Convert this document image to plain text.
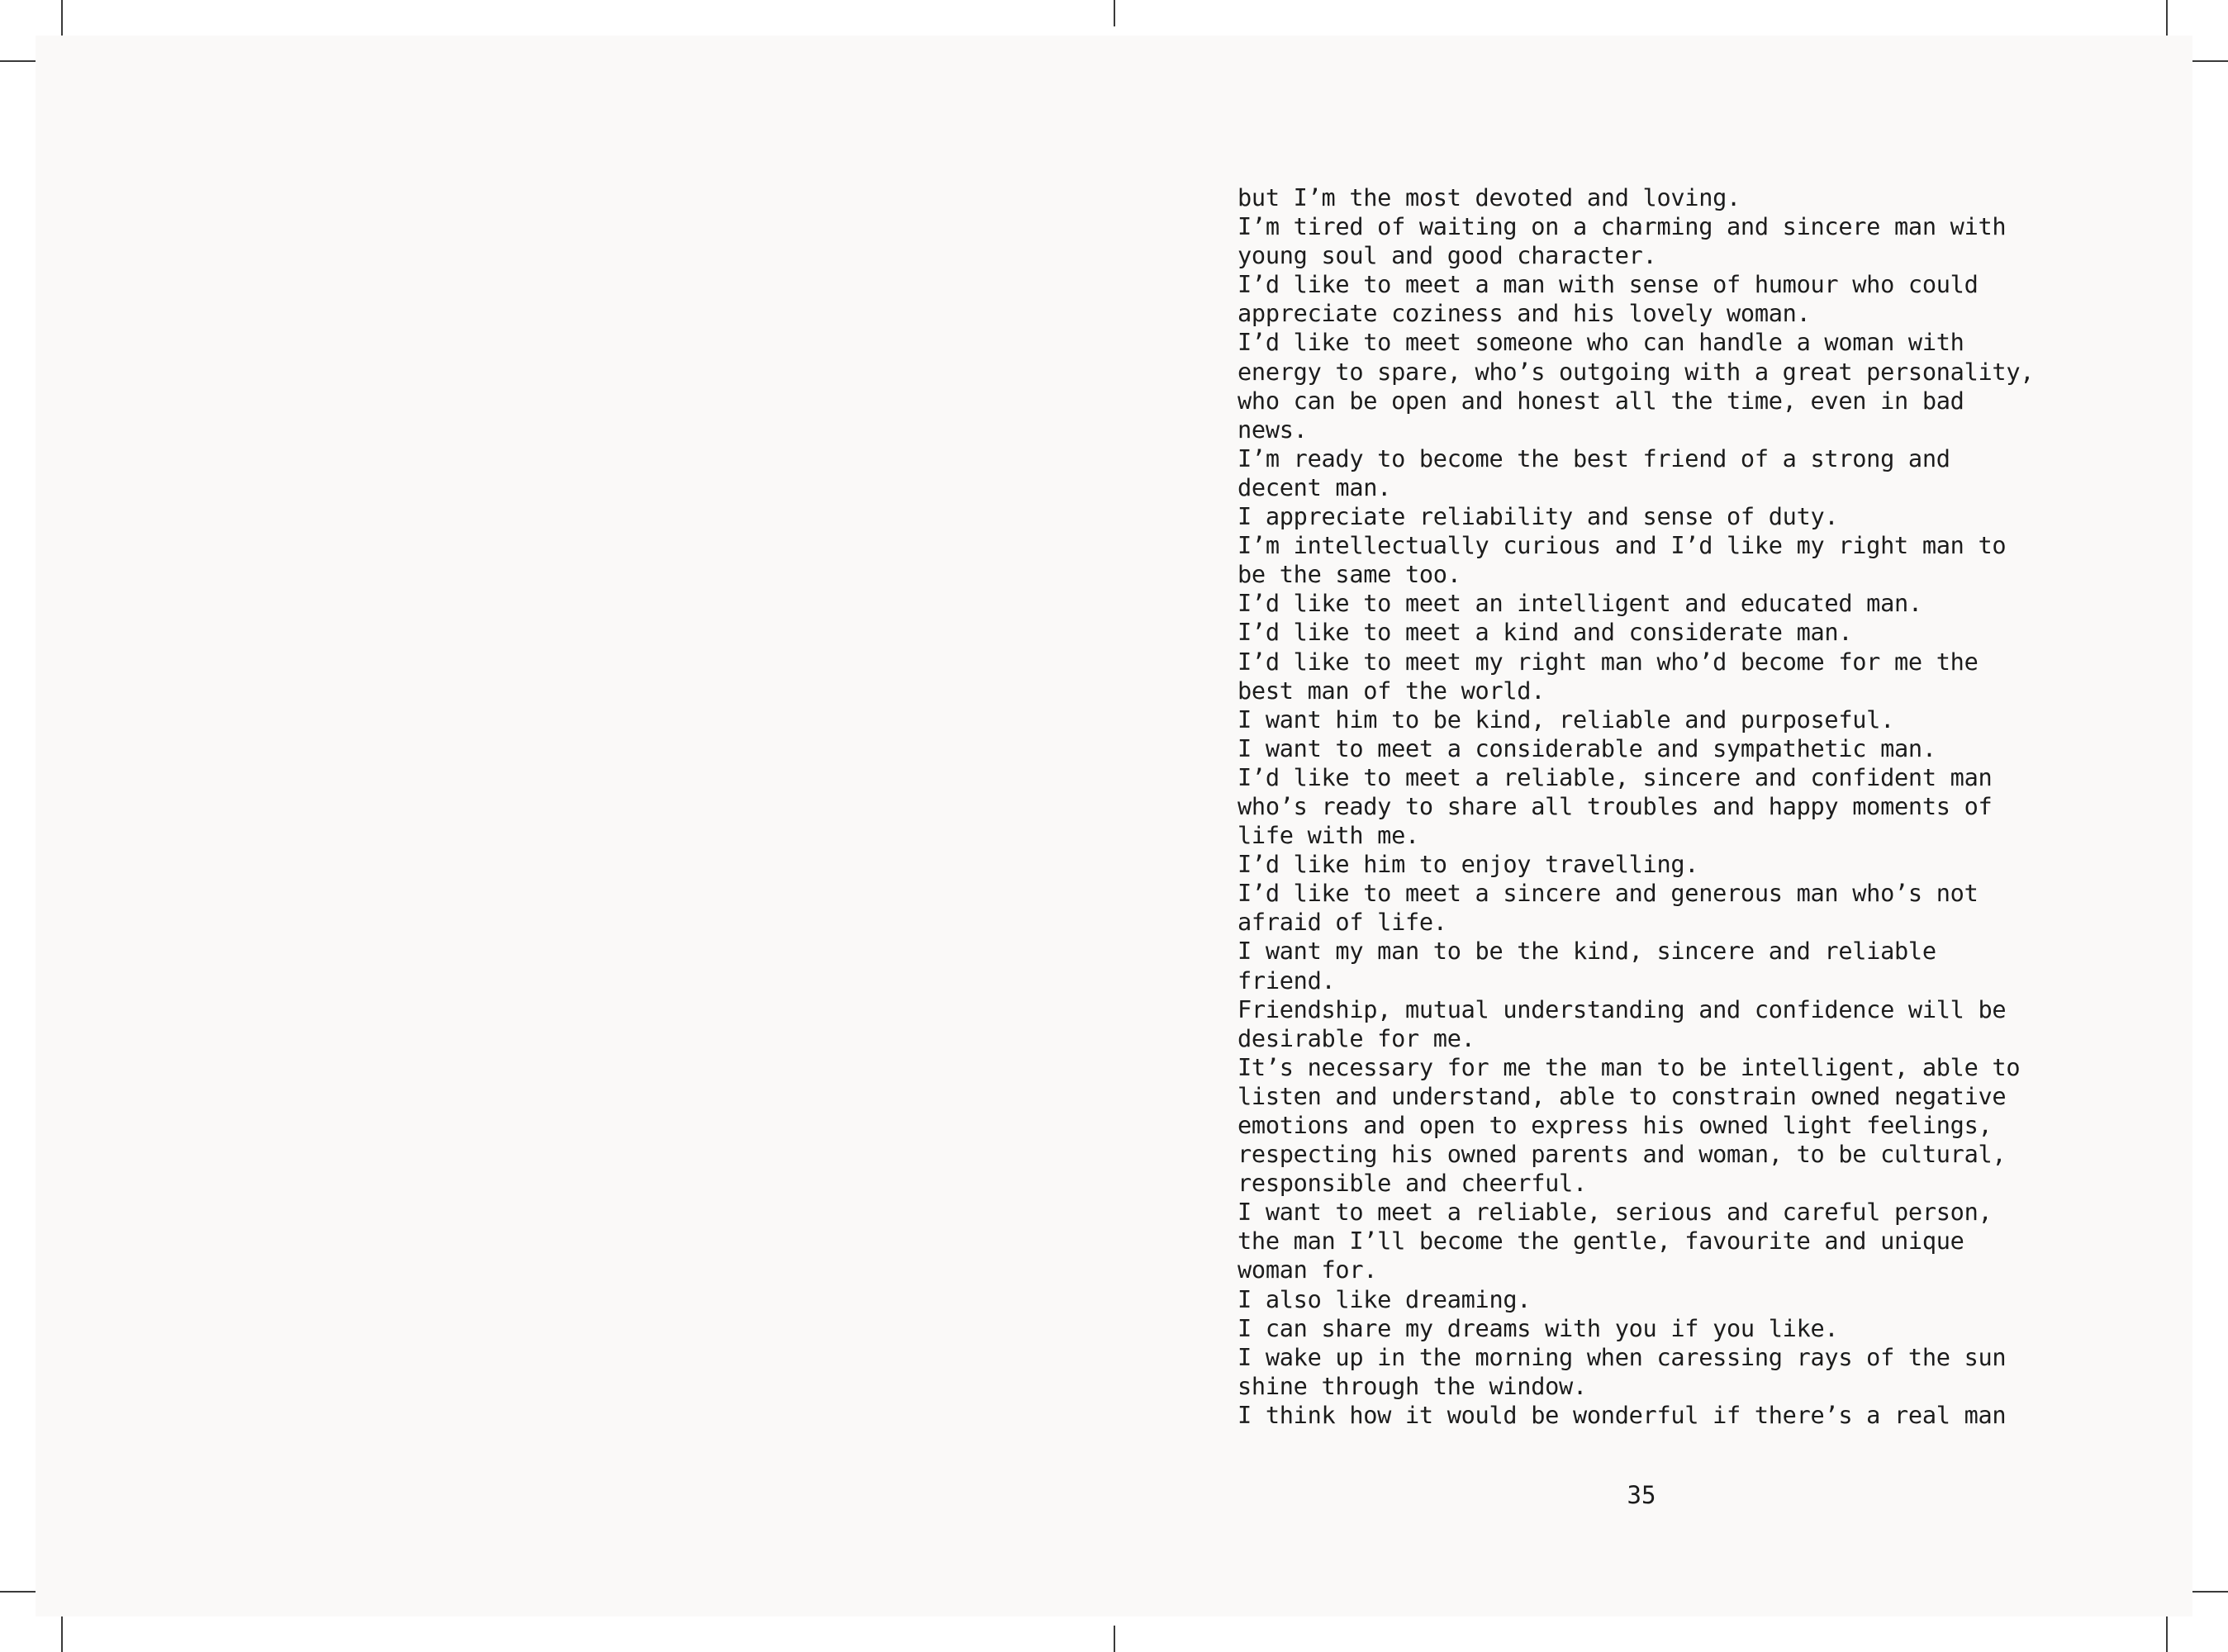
but I’m the most devoted and loving.
I’m tired of waiting on a charming and sincere man with
young soul and good character.
I’d like to meet a man with sense of humour who could
appreciate coziness and his lovely woman.
I’d like to meet someone who can handle a woman with
energy to spare, who’s outgoing with a great personality,
who can be open and honest all the time, even in bad
news.
I’m ready to become the best friend of a strong and
decent man.
I appreciate reliability and sense of duty.
I’m intellectually curious and I’d like my right man to
be the same too.
I’d like to meet an intelligent and educated man.
I’d like to meet a kind and considerate man.
I’d like to meet my right man who’d become for me the
best man of the world.
I want him to be kind, reliable and purposeful.
I want to meet a considerable and sympathetic man.
I’d like to meet a reliable, sincere and confident man
who’s ready to share all troubles and happy moments of
life with me.
I’d like him to enjoy travelling.
I’d like to meet a sincere and generous man who’s not
afraid of life.
I want my man to be the kind, sincere and reliable
friend.
Friendship, mutual understanding and confidence will be
desirable for me.
It’s necessary for me the man to be intelligent, able to
listen and understand, able to constrain owned negative
emotions and open to express his owned light feelings,
respecting his owned parents and woman, to be cultural,
responsible and cheerful.
I want to meet a reliable, serious and careful person,
the man I’ll become the gentle, favourite and unique
woman for.
I also like dreaming.
I can share my dreams with you if you like.
I wake up in the morning when caressing rays of the sun
shine through the window.
I think how it would be wonderful if there’s a real man
35
